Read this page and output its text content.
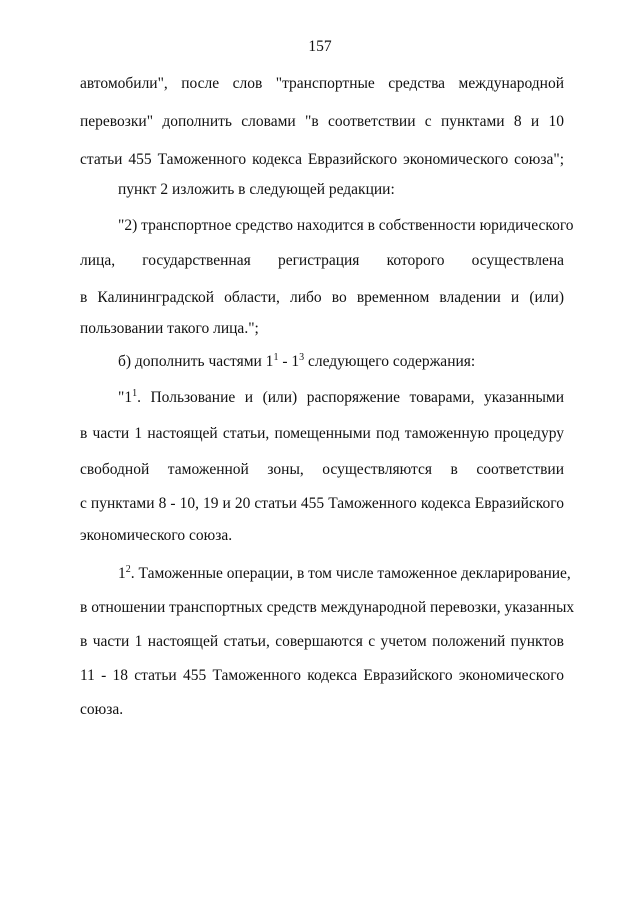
157
автомобили", после слов "транспортные средства международной
перевозки" дополнить словами "в соответствии с пунктами 8 и 10
статьи 455 Таможенного кодекса Евразийского экономического союза";
пункт 2 изложить в следующей редакции:
"2) транспортное средство находится в собственности юридического
лица, государственная регистрация которого осуществлена
в Калининградской области, либо во временном владении и (или)
пользовании такого лица.";
б) дополнить частями $1^1 - 1^3$ следующего содержания:
"$1^1$. Пользование и (или) распоряжение товарами, указанными
в части 1 настоящей статьи, помещенными под таможенную процедуру
свободной таможенной зоны, осуществляются в соответствии
с пунктами 8 - 10, 19 и 20 статьи 455 Таможенного кодекса Евразийского
экономического союза.
$1^2$. Таможенные операции, в том числе таможенное декларирование,
в отношении транспортных средств международной перевозки, указанных
в части 1 настоящей статьи, совершаются с учетом положений пунктов
11 - 18 статьи 455 Таможенного кодекса Евразийского экономического
союза.
